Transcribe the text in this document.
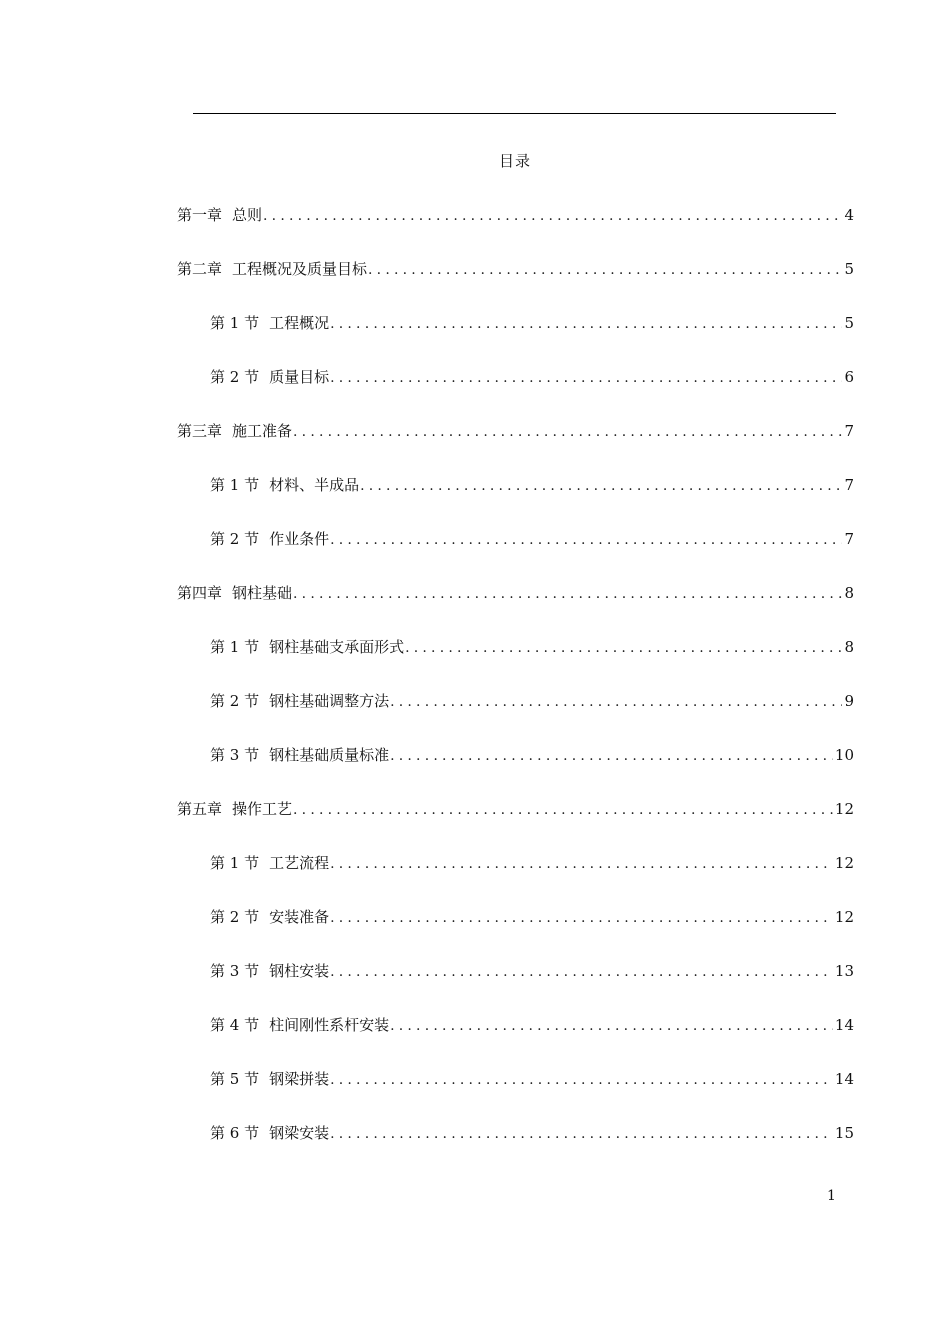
目录
第一章 总则 .....	4
第二章 工程概况及质量目标 .....	5
第 1 节 工程概况 .....	5
第 2 节 质量目标 .....	6
第三章 施工准备 .....	7
第 1 节 材料、半成品 .....	7
第 2 节 作业条件 .....	7
第四章 钢柱基础 .....	8
第 1 节 钢柱基础支承面形式 .....	8
第 2 节 钢柱基础调整方法 .....	9
第 3 节 钢柱基础质量标准 .....	10
第五章 操作工艺 .....	12
第 1 节 工艺流程 .....	12
第 2 节 安装准备 .....	12
第 3 节 钢柱安装 .....	13
第 4 节 柱间刚性系杆安装 .....	14
第 5 节 钢梁拼装 .....	14
第 6 节 钢梁安装 .....	15
1
